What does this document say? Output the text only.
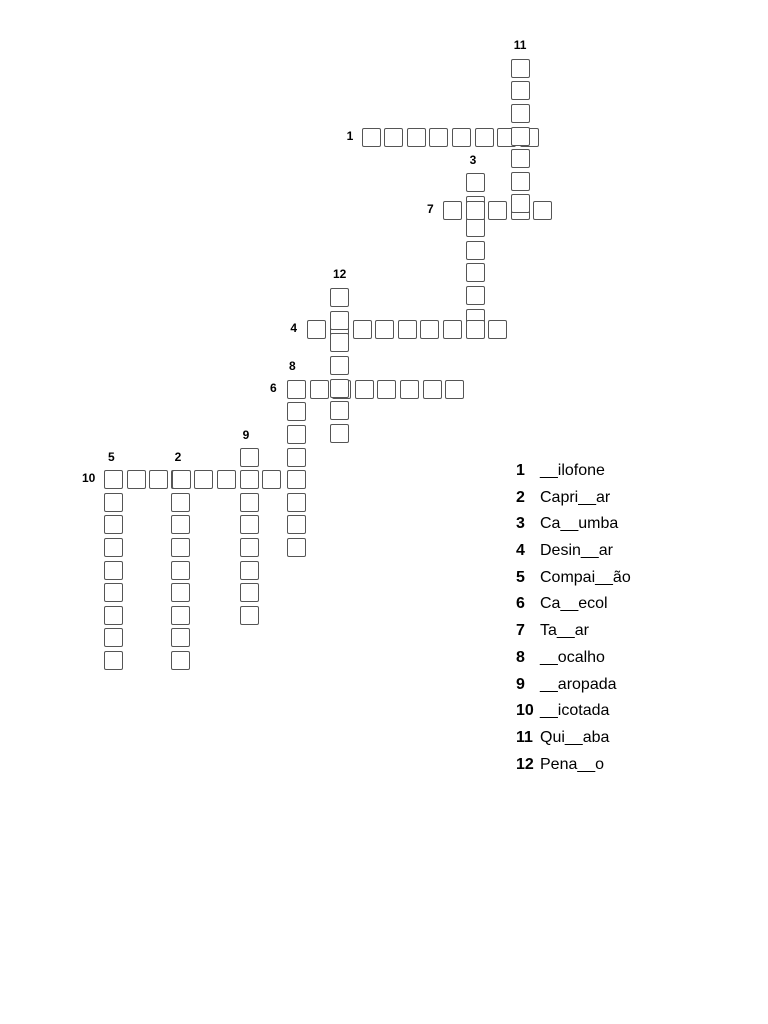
1
2
3
4
5
6
7
8
9
10
11
12
1 __ilofone
2 Capri__ar
3 Ca__umba
4 Desin__ar
5 Compai__ão
6 Ca__ecol
7 Ta__ar
8 __ocalho
9 __aropada
10 __icotada
11 Qui__aba
12 Pena__o
